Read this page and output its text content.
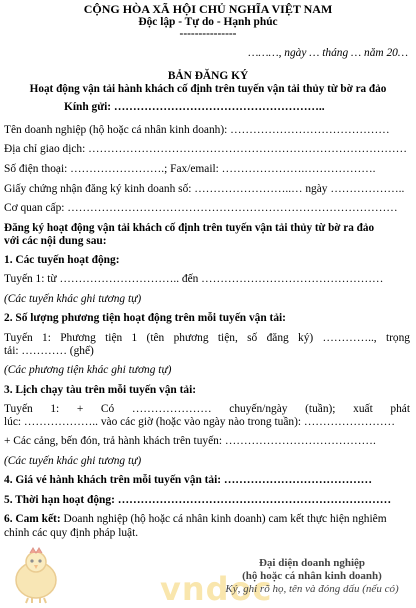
CỘNG HÒA XÃ HỘI CHỦ NGHĨA VIỆT NAM
Độc lập - Tự do - Hạnh phúc
---------------
………, ngày … tháng … năm 20…
BẢN ĐĂNG KÝ
Hoạt động vận tải hành khách cố định trên tuyến vận tải thủy từ bờ ra đảo
Kính gửi: ………………………………………………..
Tên doanh nghiệp (hộ hoặc cá nhân kinh doanh): ……………………………………
Địa chỉ giao dịch: …………………………………………………………………………
Số điện thoại: …………………….; Fax/email: ………………….……………….
Giấy chứng nhận đăng ký kinh doanh số: ……………………..… ngày ………………..
Cơ quan cấp: ……………………………………………………………………………
Đăng ký hoạt động vận tải khách cố định trên tuyến vận tải thủy từ bờ ra đảo
với các nội dung sau:
1. Các tuyến hoạt động:
Tuyến 1: từ ………………………….. đến …………………………………………
(Các tuyến khác ghi tương tự)
2. Số lượng phương tiện hoạt động trên mỗi tuyến vận tải:
Tuyến 1: Phương tiện 1 (tên phương tiện, số đăng ký) ………….., trọng
tải: ………… (ghế)
(Các phương tiện khác ghi tương tự)
3. Lịch chạy tàu trên mỗi tuyến vận tải:
Tuyến 1: + Có ………………… chuyến/ngày (tuần); xuất phát
lúc: ……………….. vào các giờ (hoặc vào ngày nào trong tuần): ……………………
+ Các cảng, bến đón, trả hành khách trên tuyến: ………………………………….
(Các tuyến khác ghi tương tự)
4. Giá vé hành khách trên mỗi tuyến vận tải: …………………………………
5. Thời hạn hoạt động: ………………………………………………………………
6. Cam kết: Doanh nghiệp (hộ hoặc cá nhân kinh doanh) cam kết thực hiện nghiêm
chỉnh các quy định pháp luật.
vndoc
Đại diện doanh nghiệp
(hộ hoặc cá nhân kinh doanh)
Ký, ghi rõ họ, tên và đóng dấu (nếu có)
